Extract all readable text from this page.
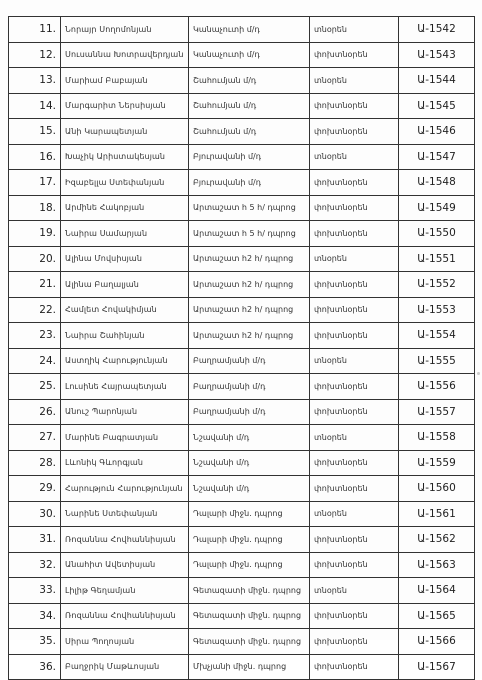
11.	Նորայր Սողոմոնյան	Կանաչուտի մ/դ	տնօրեն	Ա-1542
12.	Սուսաննա Խոտրավերդյան	Կանաչուտի մ/դ	փոխտնօրեն	Ա-1543
13.	Մարիամ Բաբայան	Շահումյան մ/դ	տնօրեն	Ա-1544
14.	Մարգարիտ Ներսիսյան	Շահումյան մ/դ	փոխտնօրեն	Ա-1545
15.	Անի Կարապետյան	Շահումյան մ/դ	փոխտնօրեն	Ա-1546
16.	Խաչիկ Արիստակեսյան	Բյուրավանի մ/դ	տնօրեն	Ա-1547
17.	Իզաբելլա Ստեփանյան	Բյուրավանի մ/դ	փոխտնօրեն	Ա-1548
18.	Արմինե Հակոբյան	Արտաշատ h 5 h/ դպրոց	փոխտնօրեն	Ա-1549
19.	Նաիրա Սամարյան	Արտաշատ h 5 h/ դպրոց	փոխտնօրեն	Ա-1550
20.	Ալինա Մովսիսյան	Արտաշատ h2 h/ դպրոց	տնօրեն	Ա-1551
21.	Ալինա Բաղալյան	Արտաշատ h2 h/ դպրոց	փոխտնօրեն	Ա-1552
22.	Համլետ Հովակիմյան	Արտաշատ h2 h/ դպրոց	փոխտնօրեն	Ա-1553
23.	Նաիրա Շահինյան	Արտաշատ h2 h/ դպրոց	փոխտնօրեն	Ա-1554
24.	Աստղիկ Հարությունյան	Բաղրամյանի մ/դ	տնօրեն	Ա-1555
25.	Լուսինե Հայրապետյան	Բաղրամյանի մ/դ	փոխտնօրեն	Ա-1556
26.	Անուշ Պարոնյան	Բաղրամյանի մ/դ	փոխտնօրեն	Ա-1557
27.	Մարինե Բագրատյան	Նշավանի մ/դ	տնօրեն	Ա-1558
28.	Լևոնիկ Գևորգյան	Նշավանի մ/դ	փոխտնօրեն	Ա-1559
29.	Հարություն Հարությունյան	Նշավանի մ/դ	փոխտնօրեն	Ա-1560
30.	Նարինե Ստեփանյան	Դալարի միջն. դպրոց	տնօրեն	Ա-1561
31.	Ռոզաննա Հովհաննիսյան	Դալարի միջն. դպրոց	փոխտնօրեն	Ա-1562
32.	Անահիտ Ավետիսյան	Դալարի միջն. դպրոց	փոխտնօրեն	Ա-1563
33.	Լիլիթ Գեղամյան	Գետազատի միջն. դպրոց	տնօրեն	Ա-1564
34.	Ռոզաննա Հովհաննիսյան	Գետազատի միջն. դպրոց	փոխտնօրեն	Ա-1565
35.	Սիրա Պողոսյան	Գետազատի միջն. դպրոց	փոխտնօրեն	Ա-1566
36.	Բաղջրիկ Մաթևոսյան	Մխչյանի միջն. դպրոց	փոխտնօրեն	Ա-1567
